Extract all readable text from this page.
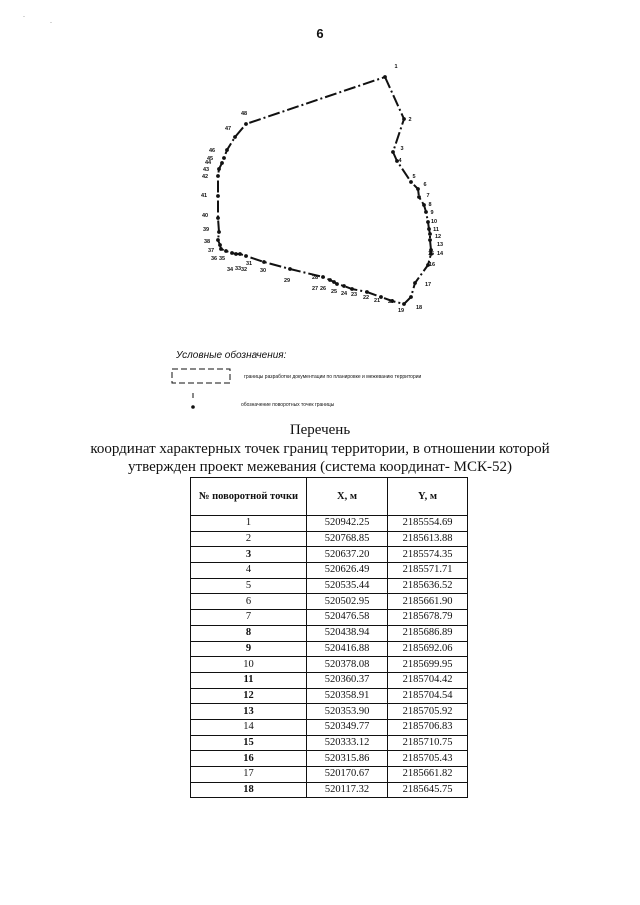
6
·
·
1
2
3
4
5
6
7
8
9
10
11
12
13
14
15
16
17
18
19
20
21
22
23
24
25
26
27
28
29
30
31
32
33
34
35
36
37
38
39
40
41
42
43
44
45
46
47
48
Условные обозначения:
границы разработки документации по планировке и межеванию территории
обозначение поворотных точек границы
Перечень
координат характерных точек границ территории, в отношении которой
утвержден проект межевания (система координат- МСК-52)
№ поворотной точки	X, м	Y, м
1	520942.25	2185554.69
2	520768.85	2185613.88
3	520637.20	2185574.35
4	520626.49	2185571.71
5	520535.44	2185636.52
6	520502.95	2185661.90
7	520476.58	2185678.79
8	520438.94	2185686.89
9	520416.88	2185692.06
10	520378.08	2185699.95
11	520360.37	2185704.42
12	520358.91	2185704.54
13	520353.90	2185705.92
14	520349.77	2185706.83
15	520333.12	2185710.75
16	520315.86	2185705.43
17	520170.67	2185661.82
18	520117.32	2185645.75
